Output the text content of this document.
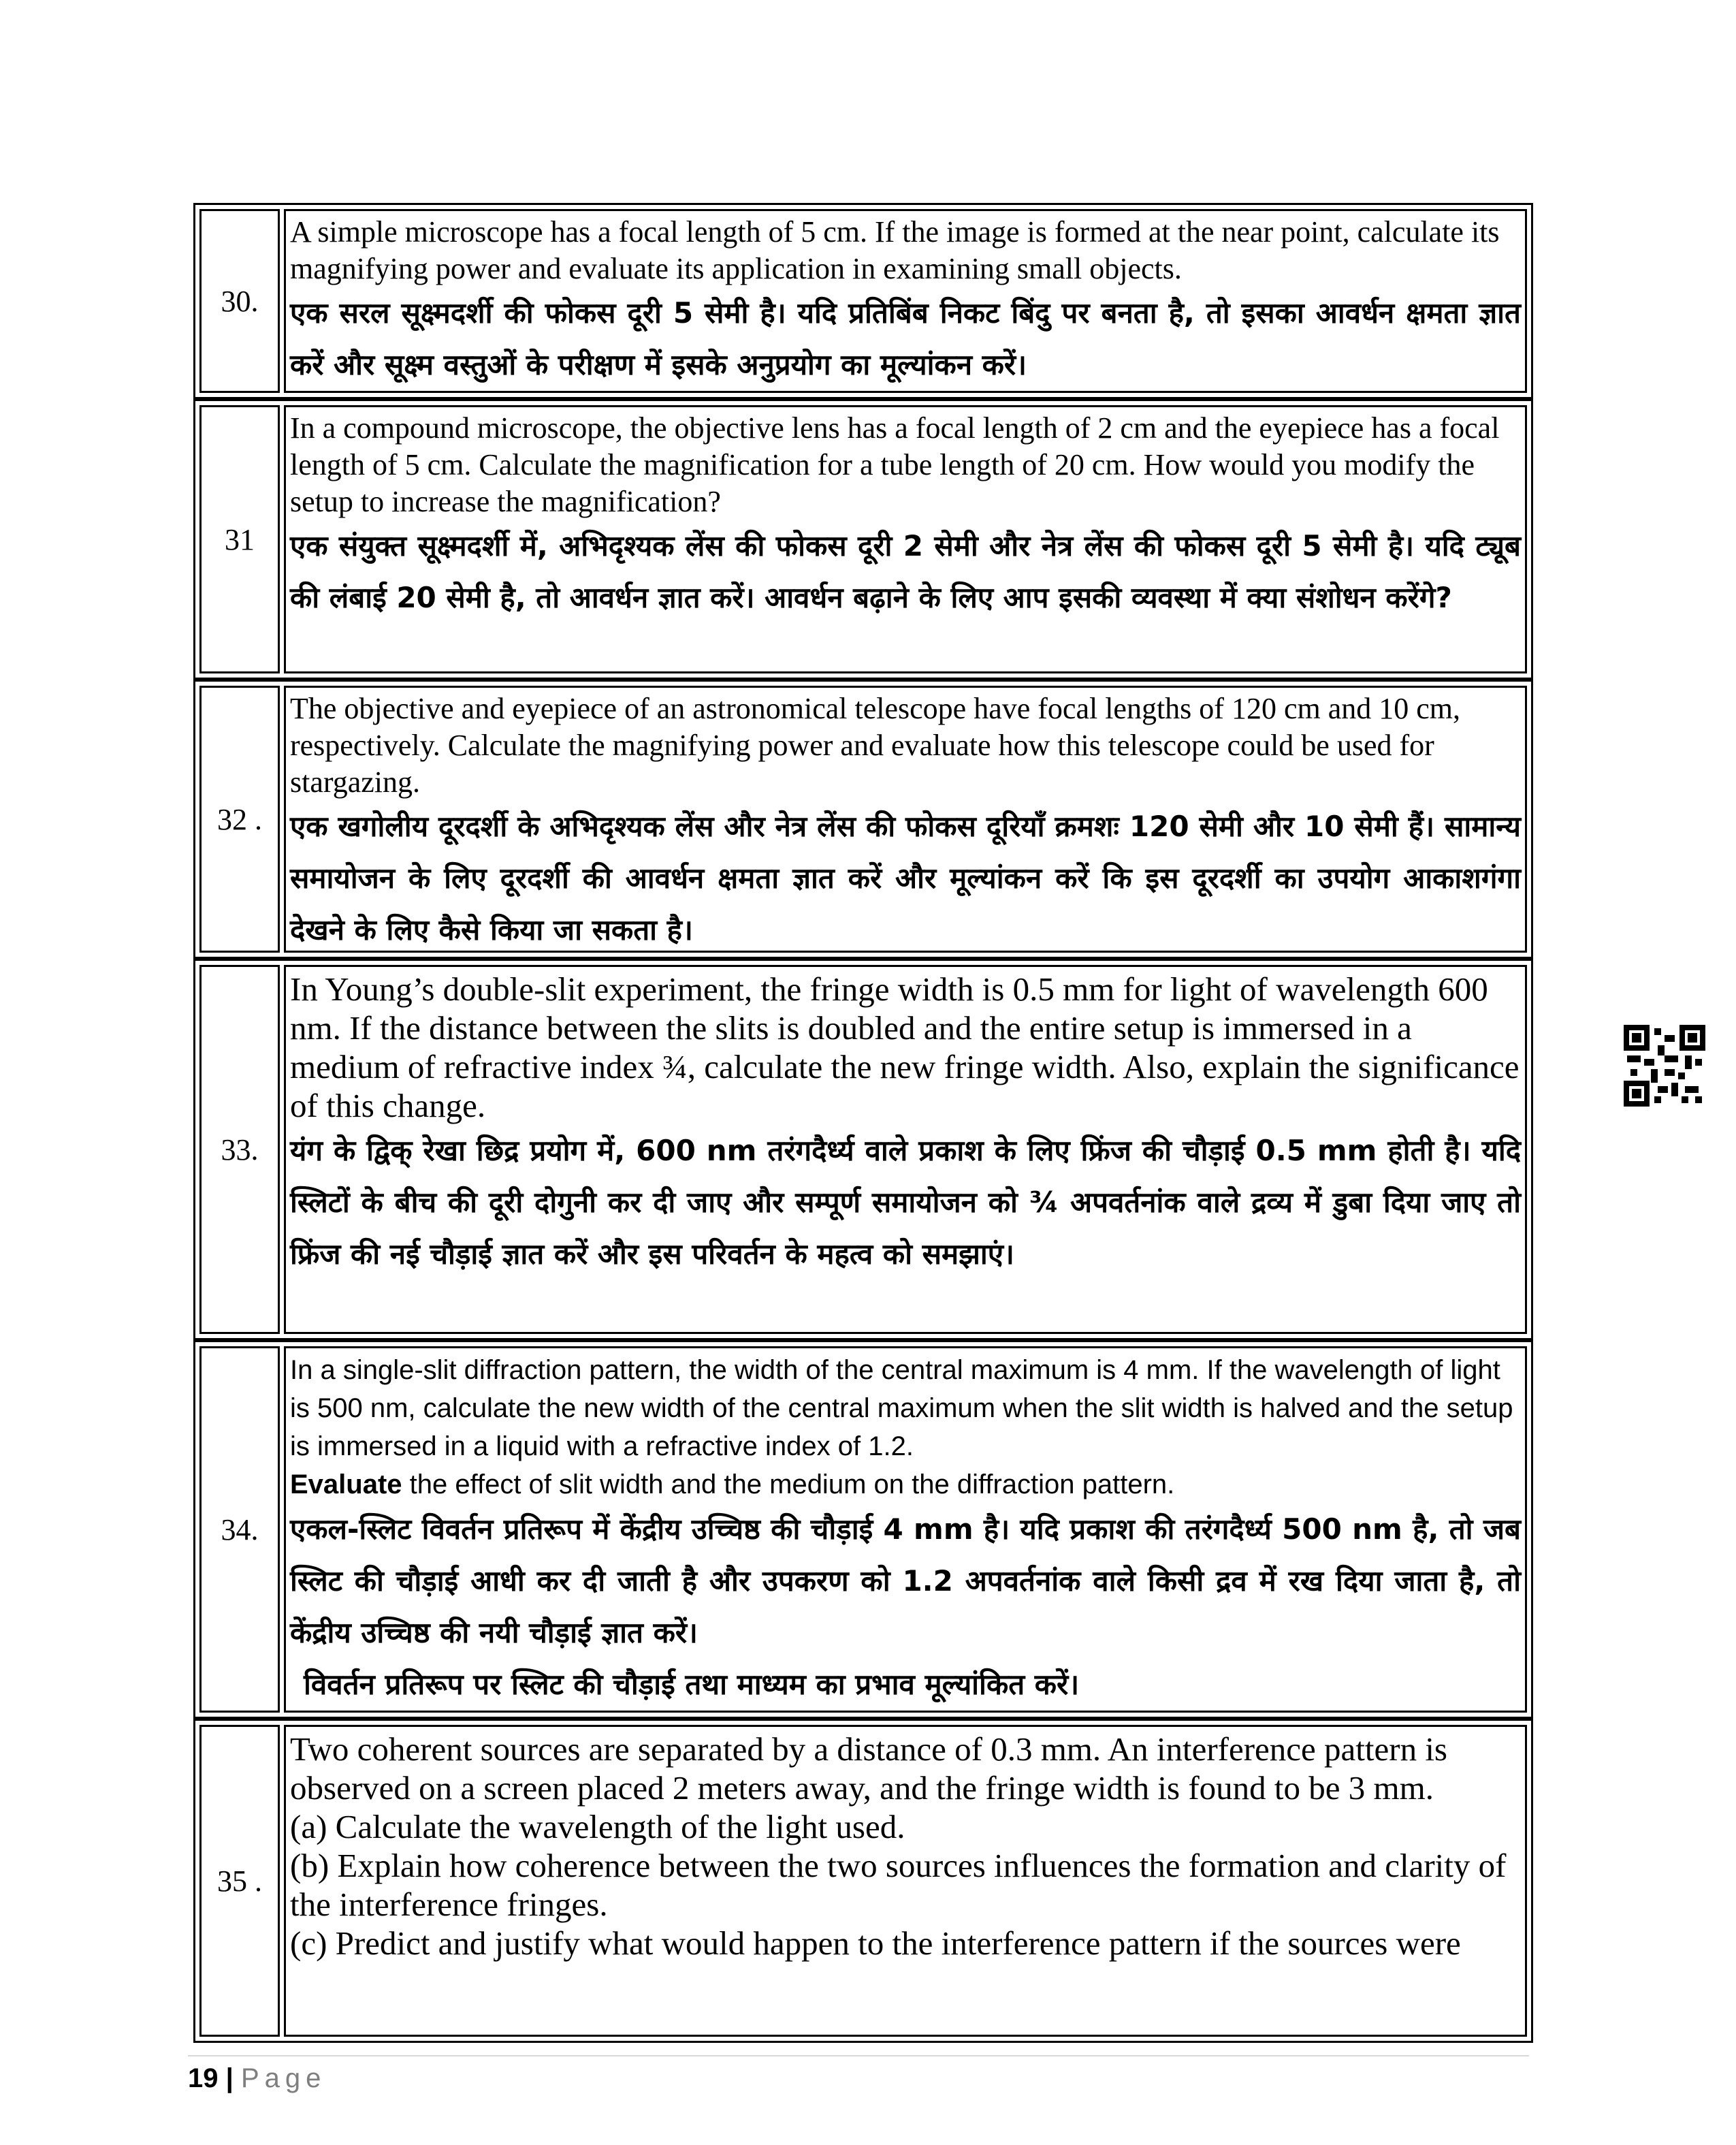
30.
A simple microscope has a focal length of 5 cm. If the image is formed at the near point, calculate its magnifying power and evaluate its application in examining small objects.
एक सरल सूक्ष्मदर्शी की फोकस दूरी 5 सेमी है। यदि प्रतिबिंब निकट बिंदु पर बनता है, तो इसका आवर्धन क्षमता ज्ञात करें और सूक्ष्म वस्तुओं के परीक्षण में इसके अनुप्रयोग का मूल्यांकन करें।
31
In a compound microscope, the objective lens has a focal length of 2 cm and the eyepiece has a focal length of 5 cm. Calculate the magnification for a tube length of 20 cm. How would you modify the setup to increase the magnification?
एक संयुक्त सूक्ष्मदर्शी में, अभिदृश्यक लेंस की फोकस दूरी 2 सेमी और नेत्र लेंस की फोकस दूरी 5 सेमी है। यदि ट्यूब की लंबाई 20 सेमी है, तो आवर्धन ज्ञात करें। आवर्धन बढ़ाने के लिए आप इसकी व्यवस्था में क्या संशोधन करेंगे?
32 .
The objective and eyepiece of an astronomical telescope have focal lengths of 120 cm and 10 cm, respectively. Calculate the magnifying power and evaluate how this telescope could be used for stargazing.
एक खगोलीय दूरदर्शी के अभिदृश्यक लेंस और नेत्र लेंस की फोकस दूरियाँ क्रमशः 120 सेमी और 10 सेमी हैं। सामान्य समायोजन के लिए दूरदर्शी की आवर्धन क्षमता ज्ञात करें और मूल्यांकन करें कि इस दूरदर्शी का उपयोग आकाशगंगा देखने के लिए कैसे किया जा सकता है।
33.
In Young’s double-slit experiment, the fringe width is 0.5 mm for light of wavelength 600 nm. If the distance between the slits is doubled and the entire setup is immersed in a medium of refractive index ¾, calculate the new fringe width. Also, explain the significance of this change.
यंग के द्विक् रेखा छिद्र प्रयोग में, 600 nm तरंगदैर्ध्य वाले प्रकाश के लिए फ्रिंज की चौड़ाई 0.5 mm होती है। यदि स्लिटों के बीच की दूरी दोगुनी कर दी जाए और सम्पूर्ण समायोजन को ¾ अपवर्तनांक वाले द्रव्य में डुबा दिया जाए तो फ्रिंज की नई चौड़ाई ज्ञात करें और इस परिवर्तन के महत्व को समझाएं।
34.
In a single-slit diffraction pattern, the width of the central maximum is 4 mm. If the wavelength of light is 500 nm, calculate the new width of the central maximum when the slit width is halved and the setup is immersed in a liquid with a refractive index of 1.2.
Evaluate the effect of slit width and the medium on the diffraction pattern.
एकल-स्लिट विवर्तन प्रतिरूप में केंद्रीय उच्चिष्ठ की चौड़ाई 4 mm है। यदि प्रकाश की तरंगदैर्ध्य 500 nm है, तो जब स्लिट की चौड़ाई आधी कर दी जाती है और उपकरण को 1.2 अपवर्तनांक वाले किसी द्रव में रख दिया जाता है, तो केंद्रीय उच्चिष्ठ की नयी चौड़ाई ज्ञात करें।
विवर्तन प्रतिरूप पर स्लिट की चौड़ाई तथा माध्यम का प्रभाव मूल्यांकित करें।
35 .
Two coherent sources are separated by a distance of 0.3 mm. An interference pattern is observed on a screen placed 2 meters away, and the fringe width is found to be 3 mm.
(a) Calculate the wavelength of the light used.
(b) Explain how coherence between the two sources influences the formation and clarity of the interference fringes.
(c) Predict and justify what would happen to the interference pattern if the sources were
19 | Page
